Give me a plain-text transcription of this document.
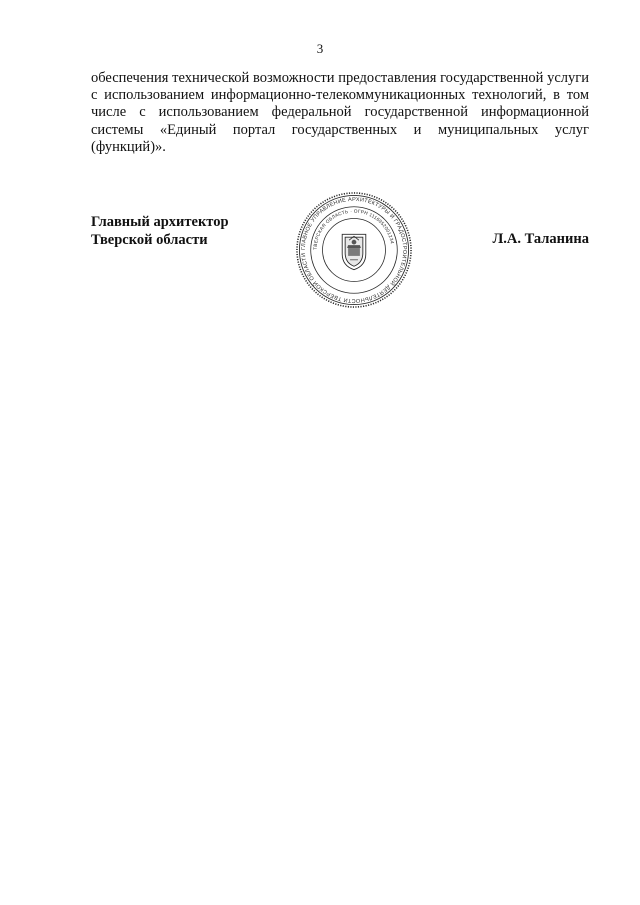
3

обеспечения технической возможности предоставления государственной услуги с использованием информационно-телекоммуникационных технологий, в том числе с использованием федеральной государственной информационной системы «Единый портал государственных и муниципальных услуг (функций)».

Главный архитектор
Тверской области	Л.А. Таланина
ГЛАВНОЕ УПРАВЛЕНИЕ АРХИТЕКТУРЫ И ГРАДОСТРОИТЕЛЬНОЙ ДЕЯТЕЛЬНОСТИ ТВЕРСКОЙ ОБЛАСТИ
ТВЕРСКАЯ ОБЛАСТЬ · ОГРН 1116952001234
